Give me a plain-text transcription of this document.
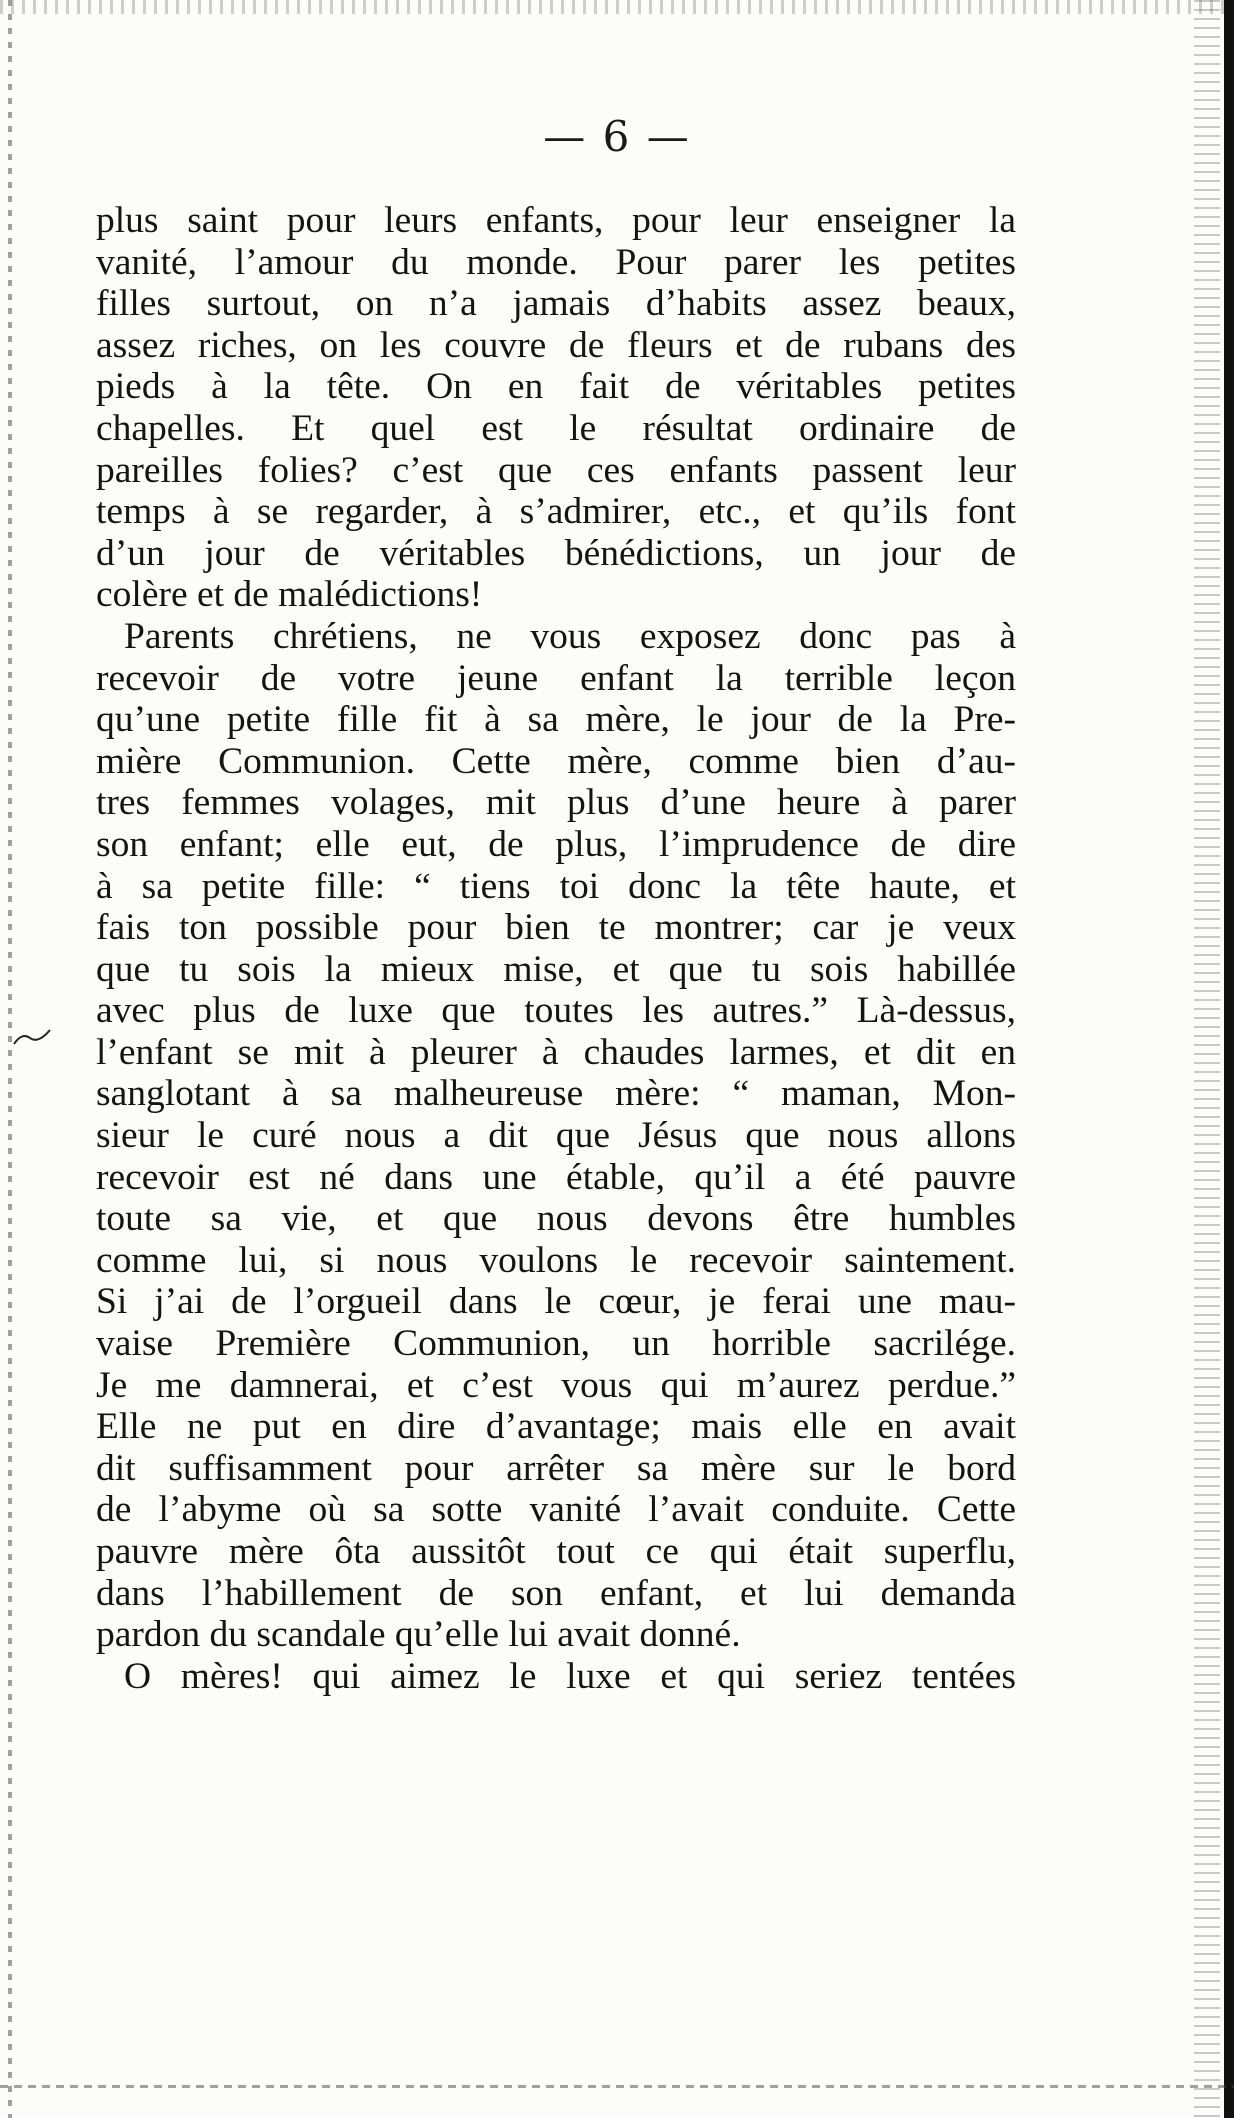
— 6 —
plus saint pour leurs enfants, pour leur enseigner la
vanité, l’amour du monde. Pour parer les petites
filles surtout, on n’a jamais d’habits assez beaux,
assez riches, on les couvre de fleurs et de rubans des
pieds à la tête. On en fait de véritables petites
chapelles. Et quel est le résultat ordinaire de
pareilles folies? c’est que ces enfants passent leur
temps à se regarder, à s’admirer, etc., et qu’ils font
d’un jour de véritables bénédictions, un jour de
colère et de malédictions!
Parents chrétiens, ne vous exposez donc pas à
recevoir de votre jeune enfant la terrible leçon
qu’une petite fille fit à sa mère, le jour de la Pre-
mière Communion. Cette mère, comme bien d’au-
tres femmes volages, mit plus d’une heure à parer
son enfant; elle eut, de plus, l’imprudence de dire
à sa petite fille: “ tiens toi donc la tête haute, et
fais ton possible pour bien te montrer; car je veux
que tu sois la mieux mise, et que tu sois habillée
avec plus de luxe que toutes les autres.” Là-dessus,
l’enfant se mit à pleurer à chaudes larmes, et dit en
sanglotant à sa malheureuse mère: “ maman, Mon-
sieur le curé nous a dit que Jésus que nous allons
recevoir est né dans une étable, qu’il a été pauvre
toute sa vie, et que nous devons être humbles
comme lui, si nous voulons le recevoir saintement.
Si j’ai de l’orgueil dans le cœur, je ferai une mau-
vaise Première Communion, un horrible sacrilége.
Je me damnerai, et c’est vous qui m’aurez perdue.”
Elle ne put en dire d’avantage; mais elle en avait
dit suffisamment pour arrêter sa mère sur le bord
de l’abyme où sa sotte vanité l’avait conduite. Cette
pauvre mère ôta aussitôt tout ce qui était superflu,
dans l’habillement de son enfant, et lui demanda
pardon du scandale qu’elle lui avait donné.
O mères! qui aimez le luxe et qui seriez tentées
